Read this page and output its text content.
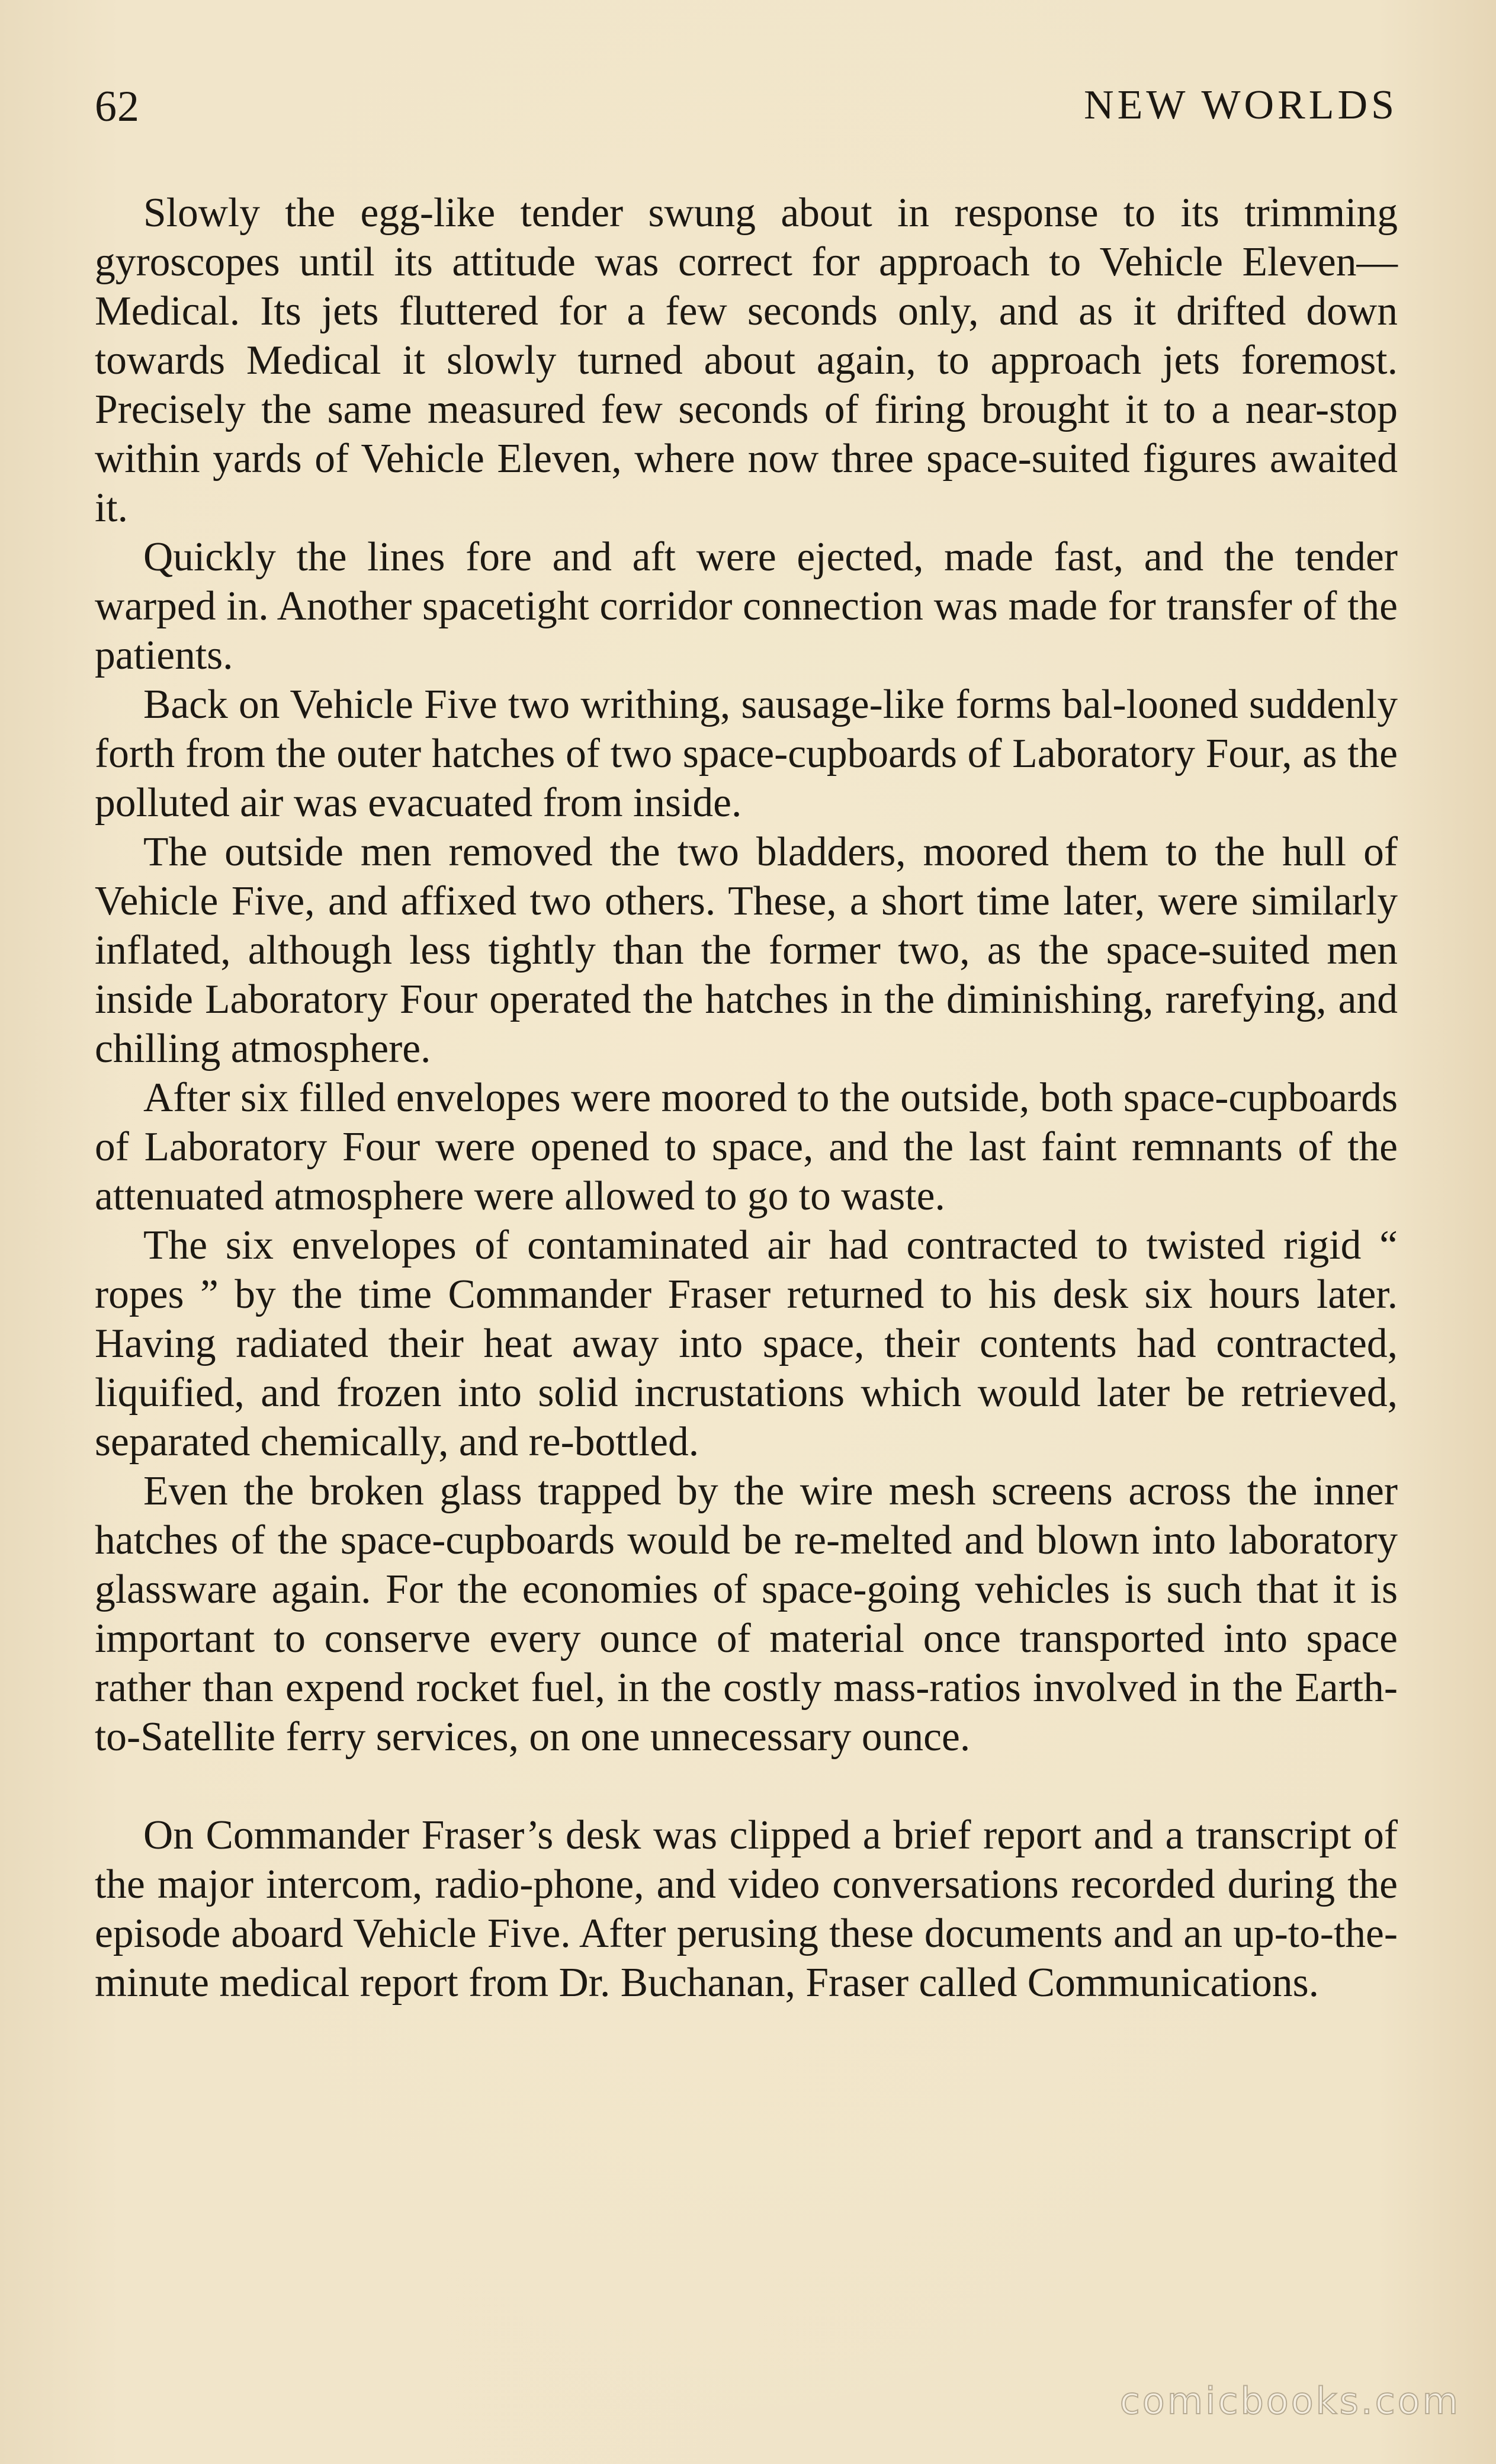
62	NEW WORLDS

Slowly the egg-like tender swung about in response to its trimming gyroscopes until its attitude was correct for approach to Vehicle Eleven—Medical. Its jets fluttered for a few seconds only, and as it drifted down towards Medical it slowly turned about again, to approach jets foremost. Precisely the same measured few seconds of firing brought it to a near-stop within yards of Vehicle Eleven, where now three space-suited figures awaited it.

Quickly the lines fore and aft were ejected, made fast, and the tender warped in. Another spacetight corridor connection was made for transfer of the patients.

Back on Vehicle Five two writhing, sausage-like forms bal-looned suddenly forth from the outer hatches of two space-cupboards of Laboratory Four, as the polluted air was evacuated from inside.

The outside men removed the two bladders, moored them to the hull of Vehicle Five, and affixed two others. These, a short time later, were similarly inflated, although less tightly than the former two, as the space-suited men inside Laboratory Four operated the hatches in the diminishing, rarefying, and chilling atmosphere.

After six filled envelopes were moored to the outside, both space-cupboards of Laboratory Four were opened to space, and the last faint remnants of the attenuated atmosphere were allowed to go to waste.

The six envelopes of contaminated air had contracted to twisted rigid “ ropes ” by the time Commander Fraser returned to his desk six hours later. Having radiated their heat away into space, their contents had contracted, liquified, and frozen into solid incrustations which would later be retrieved, separated chemically, and re-bottled.

Even the broken glass trapped by the wire mesh screens across the inner hatches of the space-cupboards would be re-melted and blown into laboratory glassware again. For the economies of space-going vehicles is such that it is important to conserve every ounce of material once transported into space rather than expend rocket fuel, in the costly mass-ratios involved in the Earth-to-Satellite ferry services, on one unnecessary ounce.

On Commander Fraser’s desk was clipped a brief report and a transcript of the major intercom, radio-phone, and video conversations recorded during the episode aboard Vehicle Five. After perusing these documents and an up-to-the-minute medical report from Dr. Buchanan, Fraser called Communications.

comicbooks.com
